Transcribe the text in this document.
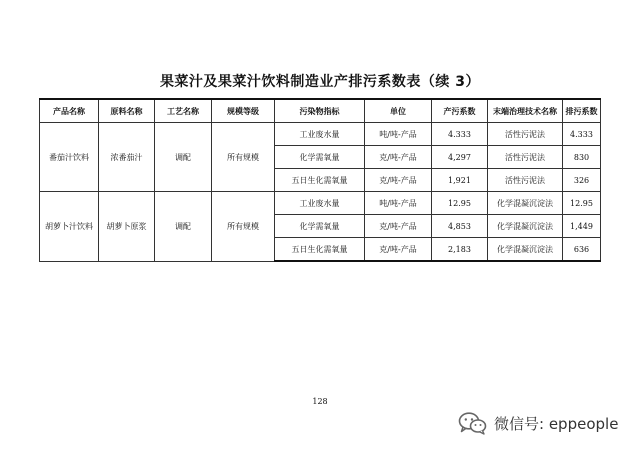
果菜汁及果菜汁饮料制造业产排污系数表（续 3）
产品名称	原料名称	工艺名称	规模等级	污染物指标	单位	产污系数	末端治理技术名称	排污系数
番茄汁饮料	浓番茄汁	调配	所有规模	工业废水量	吨/吨-产品	4.333	活性污泥法	4.333
				化学需氧量	克/吨-产品	4,297	活性污泥法	830
				五日生化需氧量	克/吨-产品	1,921	活性污泥法	326
胡萝卜汁饮料	胡萝卜原浆	调配	所有规模	工业废水量	吨/吨-产品	12.95	化学混凝沉淀法	12.95
				化学需氧量	克/吨-产品	4,853	化学混凝沉淀法	1,449
				五日生化需氧量	克/吨-产品	2,183	化学混凝沉淀法	636
128
微信号: eppeople
